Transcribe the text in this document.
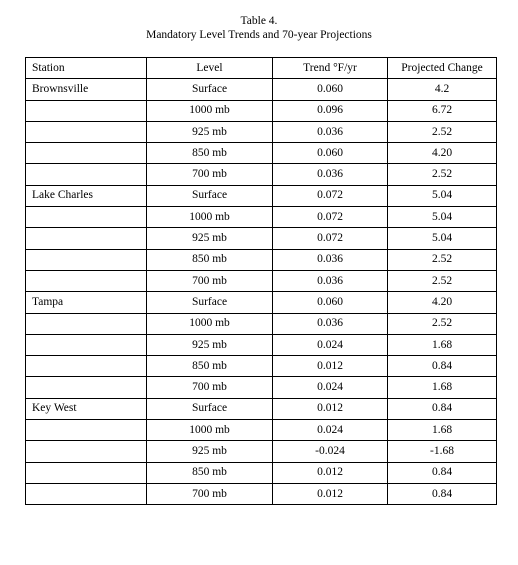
Table 4.
Mandatory Level Trends and 70-year Projections
Station	Level	Trend °F/yr	Projected Change
Brownsville	Surface	0.060	4.2
	1000 mb	0.096	6.72
	925 mb	0.036	2.52
	850 mb	0.060	4.20
	700 mb	0.036	2.52
Lake Charles	Surface	0.072	5.04
	1000 mb	0.072	5.04
	925 mb	0.072	5.04
	850 mb	0.036	2.52
	700 mb	0.036	2.52
Tampa	Surface	0.060	4.20
	1000 mb	0.036	2.52
	925 mb	0.024	1.68
	850 mb	0.012	0.84
	700 mb	0.024	1.68
Key West	Surface	0.012	0.84
	1000 mb	0.024	1.68
	925 mb	-0.024	-1.68
	850 mb	0.012	0.84
	700 mb	0.012	0.84
